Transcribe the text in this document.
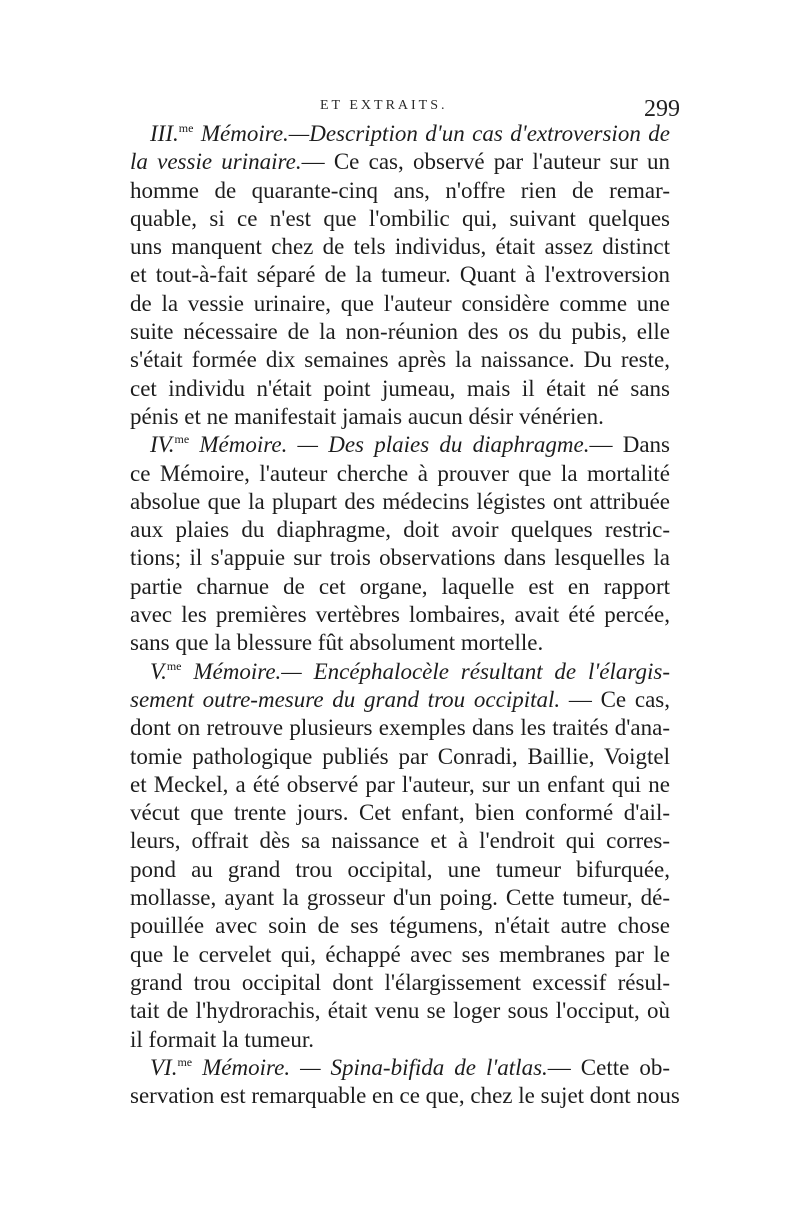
ET EXTRAITS.	299
III.$^{me}$ Mémoire.—Description d'un cas d'extroversion de
la vessie urinaire.— Ce cas, observé par l'auteur sur un
homme de quarante-cinq ans, n'offre rien de remar-
quable, si ce n'est que l'ombilic qui, suivant quelques
uns manquent chez de tels individus, était assez distinct
et tout-à-fait séparé de la tumeur. Quant à l'extroversion
de la vessie urinaire, que l'auteur considère comme une
suite nécessaire de la non-réunion des os du pubis, elle
s'était formée dix semaines après la naissance. Du reste,
cet individu n'était point jumeau, mais il était né sans
pénis et ne manifestait jamais aucun désir vénérien.
IV.$^{me}$ Mémoire. — Des plaies du diaphragme.— Dans
ce Mémoire, l'auteur cherche à prouver que la mortalité
absolue que la plupart des médecins légistes ont attribuée
aux plaies du diaphragme, doit avoir quelques restric-
tions; il s'appuie sur trois observations dans lesquelles la
partie charnue de cet organe, laquelle est en rapport
avec les premières vertèbres lombaires, avait été percée,
sans que la blessure fût absolument mortelle.
V.$^{me}$ Mémoire.— Encéphalocèle résultant de l'élargis-
sement outre-mesure du grand trou occipital. — Ce cas,
dont on retrouve plusieurs exemples dans les traités d'ana-
tomie pathologique publiés par Conradi, Baillie, Voigtel
et Meckel, a été observé par l'auteur, sur un enfant qui ne
vécut que trente jours. Cet enfant, bien conformé d'ail-
leurs, offrait dès sa naissance et à l'endroit qui corres-
pond au grand trou occipital, une tumeur bifurquée,
mollasse, ayant la grosseur d'un poing. Cette tumeur, dé-
pouillée avec soin de ses tégumens, n'était autre chose
que le cervelet qui, échappé avec ses membranes par le
grand trou occipital dont l'élargissement excessif résul-
tait de l'hydrorachis, était venu se loger sous l'occiput, où
il formait la tumeur.
VI.$^{me}$ Mémoire. — Spina-bifida de l'atlas.— Cette ob-
servation est remarquable en ce que, chez le sujet dont nous
